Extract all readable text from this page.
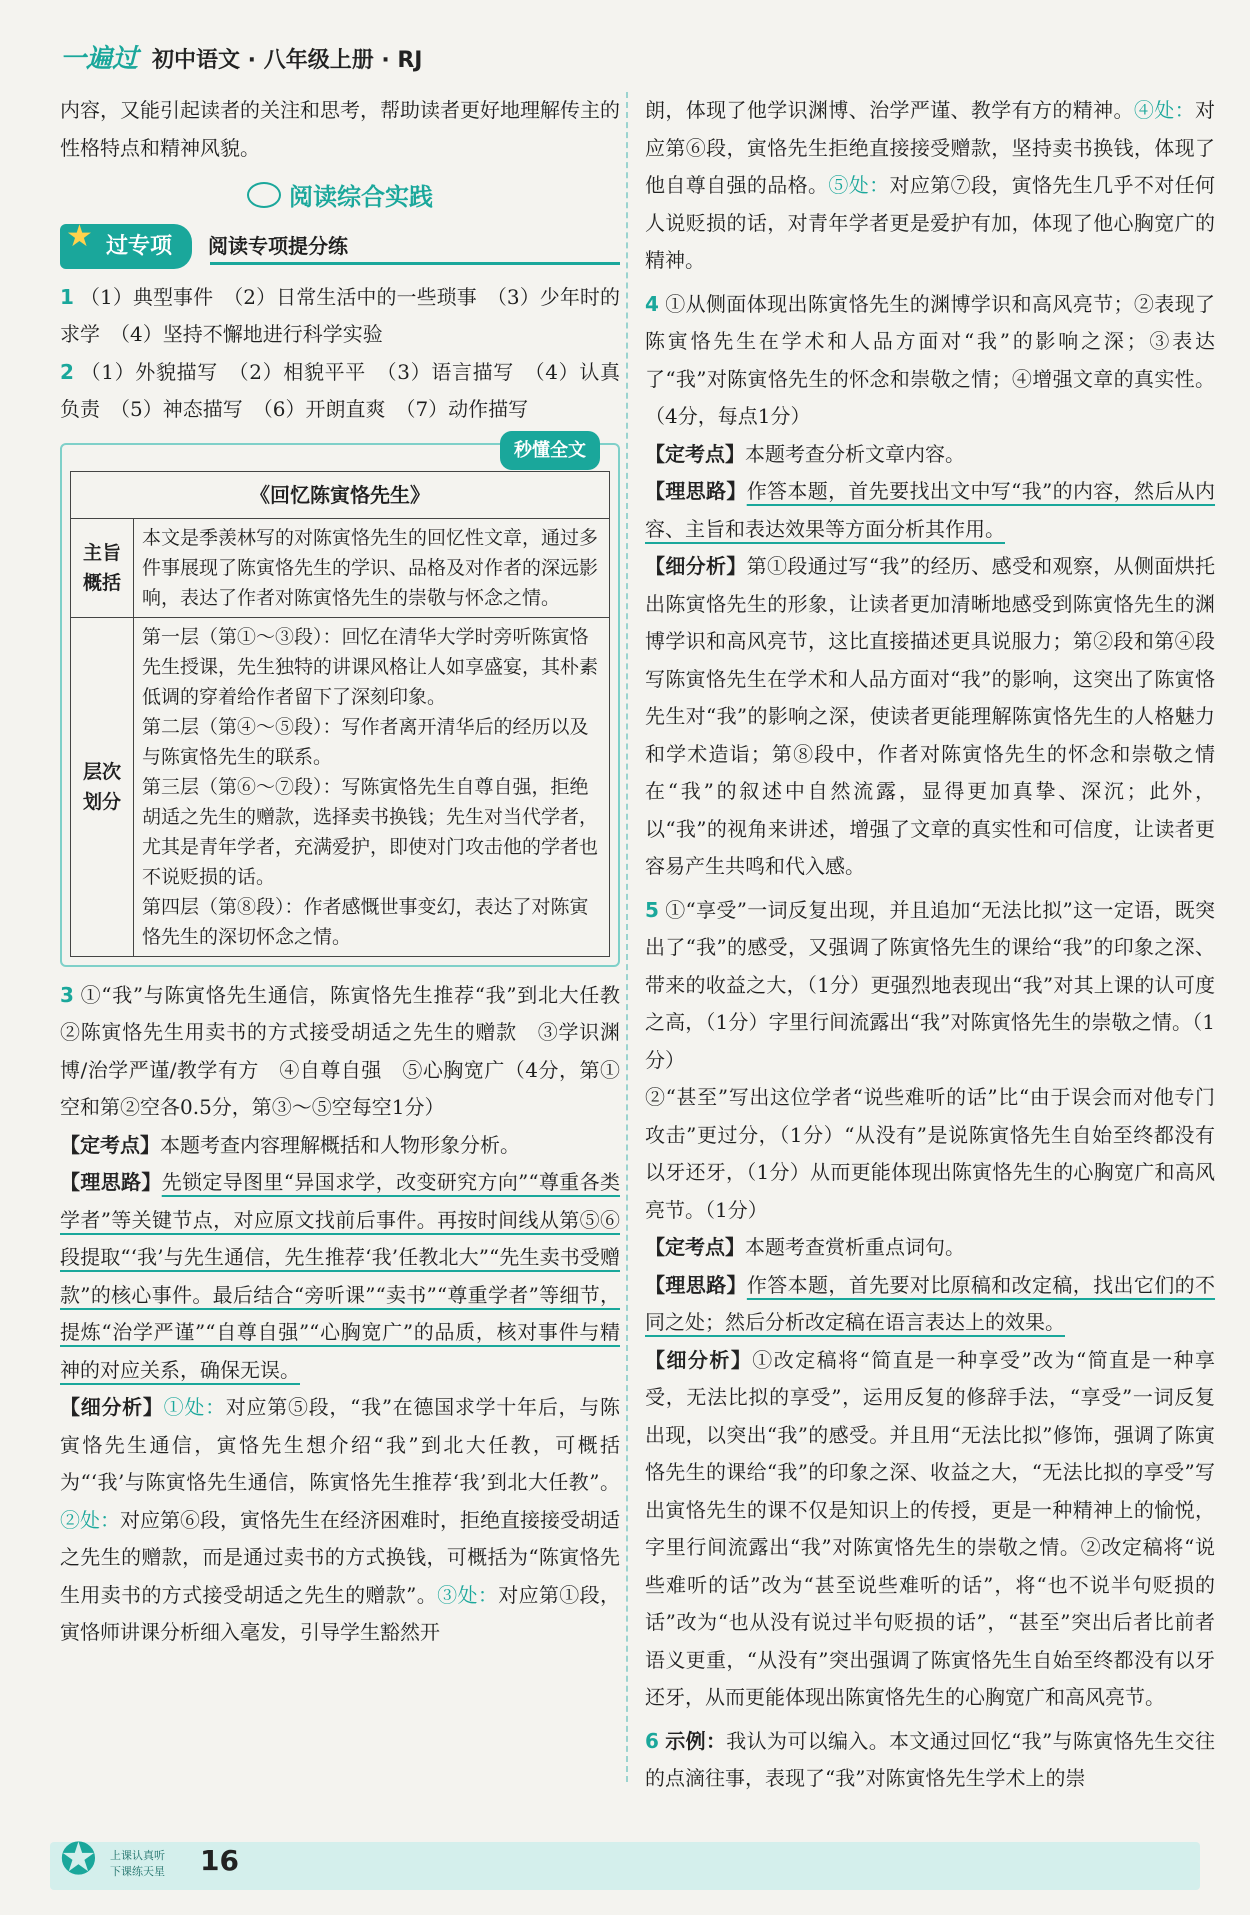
一遍过 初中语文 · 八年级上册 · RJ

内容，又能引起读者的关注和思考，帮助读者更好地理解传主的性格特点和精神风貌。

阅读综合实践
★ 过专项	阅读专项提分练

1 （1）典型事件　（2）日常生活中的一些琐事　（3）少年时的求学　（4）坚持不懈地进行科学实验

2 （1）外貌描写　（2）相貌平平　（3）语言描写　（4）认真负责　（5）神态描写　（6）开朗直爽　（7）动作描写

秒懂全文
《回忆陈寅恪先生》	
主旨概括	本文是季羡林写的对陈寅恪先生的回忆性文章，通过多件事展现了陈寅恪先生的学识、品格及对作者的深远影响，表达了作者对陈寅恪先生的崇敬与怀念之情。
层次划分	第一层（第①～③段）：回忆在清华大学时旁听陈寅恪先生授课，先生独特的讲课风格让人如享盛宴，其朴素低调的穿着给作者留下了深刻印象。
第二层（第④～⑤段）：写作者离开清华后的经历以及与陈寅恪先生的联系。
第三层（第⑥～⑦段）：写陈寅恪先生自尊自强，拒绝胡适之先生的赠款，选择卖书换钱；先生对当代学者，尤其是青年学者，充满爱护，即使对门攻击他的学者也不说贬损的话。
第四层（第⑧段）：作者感慨世事变幻，表达了对陈寅恪先生的深切怀念之情。

3 ①“我”与陈寅恪先生通信，陈寅恪先生推荐“我”到北大任教　②陈寅恪先生用卖书的方式接受胡适之先生的赠款　③学识渊博/治学严谨/教学有方　④自尊自强　⑤心胸宽广（4分，第①空和第②空各0.5分，第③～⑤空每空1分）

【定考点】本题考查内容理解概括和人物形象分析。

【理思路】先锁定导图里“异国求学，改变研究方向”“尊重各类学者”等关键节点，对应原文找前后事件。再按时间线从第⑤⑥段提取“‘我’与先生通信，先生推荐‘我’任教北大”“先生卖书受赠款”的核心事件。最后结合“旁听课”“卖书”“尊重学者”等细节，提炼“治学严谨”“自尊自强”“心胸宽广”的品质，核对事件与精神的对应关系，确保无误。

【细分析】①处：对应第⑤段，“我”在德国求学十年后，与陈寅恪先生通信，寅恪先生想介绍“我”到北大任教，可概括为“‘我’与陈寅恪先生通信，陈寅恪先生推荐‘我’到北大任教”。②处：对应第⑥段，寅恪先生在经济困难时，拒绝直接接受胡适之先生的赠款，而是通过卖书的方式换钱，可概括为“陈寅恪先生用卖书的方式接受胡适之先生的赠款”。③处：对应第①段，寅恪师讲课分析细入毫发，引导学生豁然开

朗，体现了他学识渊博、治学严谨、教学有方的精神。④处：对应第⑥段，寅恪先生拒绝直接接受赠款，坚持卖书换钱，体现了他自尊自强的品格。⑤处：对应第⑦段，寅恪先生几乎不对任何人说贬损的话，对青年学者更是爱护有加，体现了他心胸宽广的精神。

4 ①从侧面体现出陈寅恪先生的渊博学识和高风亮节；②表现了陈寅恪先生在学术和人品方面对“我”的影响之深；③表达了“我”对陈寅恪先生的怀念和崇敬之情；④增强文章的真实性。（4分，每点1分）

【定考点】本题考查分析文章内容。

【理思路】作答本题，首先要找出文中写“我”的内容，然后从内容、主旨和表达效果等方面分析其作用。

【细分析】第①段通过写“我”的经历、感受和观察，从侧面烘托出陈寅恪先生的形象，让读者更加清晰地感受到陈寅恪先生的渊博学识和高风亮节，这比直接描述更具说服力；第②段和第④段写陈寅恪先生在学术和人品方面对“我”的影响，这突出了陈寅恪先生对“我”的影响之深，使读者更能理解陈寅恪先生的人格魅力和学术造诣；第⑧段中，作者对陈寅恪先生的怀念和崇敬之情在“我”的叙述中自然流露，显得更加真挚、深沉；此外，以“我”的视角来讲述，增强了文章的真实性和可信度，让读者更容易产生共鸣和代入感。

5 ①“享受”一词反复出现，并且追加“无法比拟”这一定语，既突出了“我”的感受，又强调了陈寅恪先生的课给“我”的印象之深、带来的收益之大，（1分）更强烈地表现出“我”对其上课的认可度之高，（1分）字里行间流露出“我”对陈寅恪先生的崇敬之情。（1分）

②“甚至”写出这位学者“说些难听的话”比“由于误会而对他专门攻击”更过分，（1分）“从没有”是说陈寅恪先生自始至终都没有以牙还牙，（1分）从而更能体现出陈寅恪先生的心胸宽广和高风亮节。（1分）

【定考点】本题考查赏析重点词句。

【理思路】作答本题，首先要对比原稿和改定稿，找出它们的不同之处；然后分析改定稿在语言表达上的效果。

【细分析】①改定稿将“简直是一种享受”改为“简直是一种享受，无法比拟的享受”，运用反复的修辞手法，“享受”一词反复出现，以突出“我”的感受。并且用“无法比拟”修饰，强调了陈寅恪先生的课给“我”的印象之深、收益之大，“无法比拟的享受”写出寅恪先生的课不仅是知识上的传授，更是一种精神上的愉悦，字里行间流露出“我”对陈寅恪先生的崇敬之情。②改定稿将“说些难听的话”改为“甚至说些难听的话”，将“也不说半句贬损的话”改为“也从没有说过半句贬损的话”，“甚至”突出后者比前者语义更重，“从没有”突出强调了陈寅恪先生自始至终都没有以牙还牙，从而更能体现出陈寅恪先生的心胸宽广和高风亮节。

6 示例：我认为可以编入。本文通过回忆“我”与陈寅恪先生交往的点滴往事，表现了“我”对陈寅恪先生学术上的崇

✪ 上课认真听
下课练天星 16
